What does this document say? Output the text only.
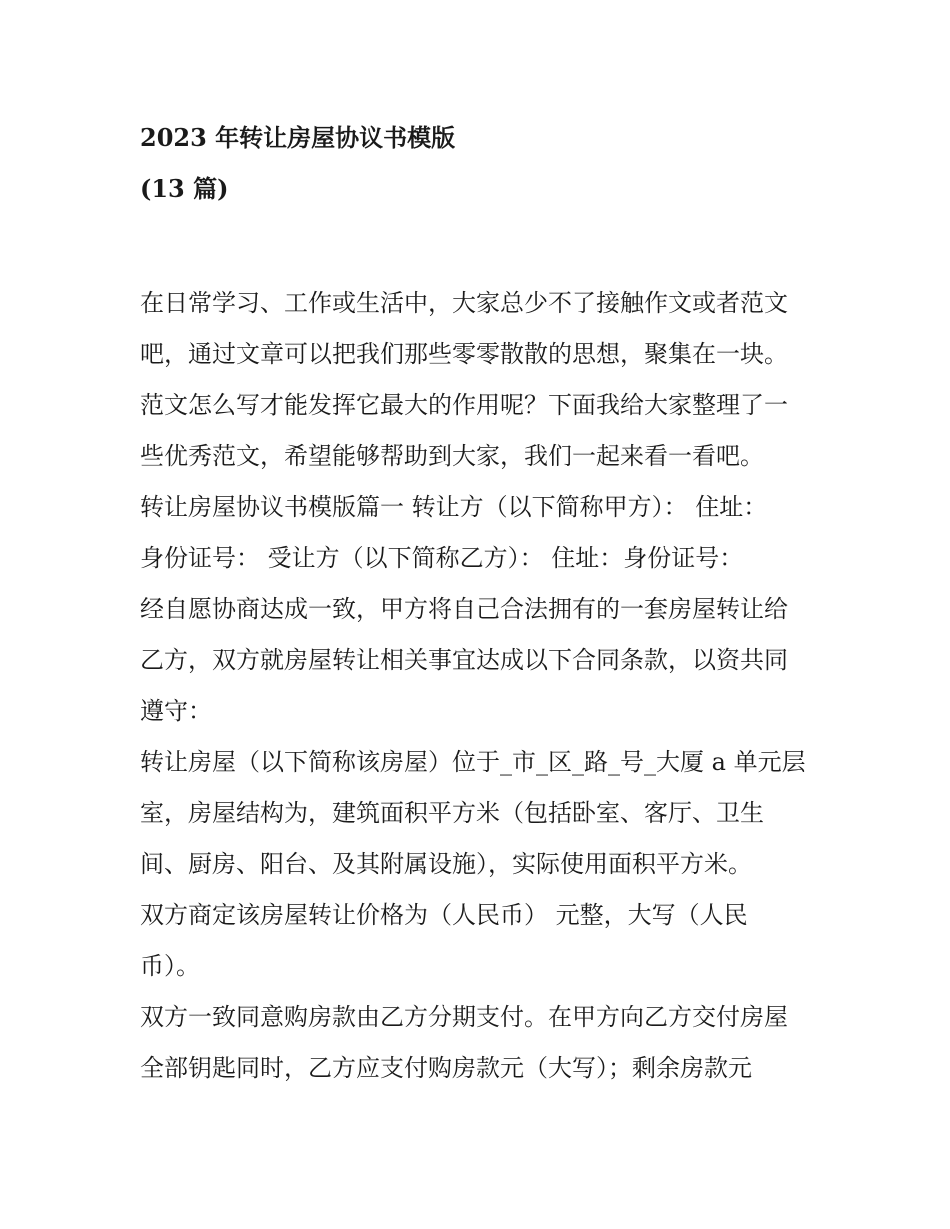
2023 年转让房屋协议书模版
(13 篇)
在日常学习、工作或生活中，大家总少不了接触作文或者范文
吧，通过文章可以把我们那些零零散散的思想，聚集在一块。
范文怎么写才能发挥它最大的作用呢？下面我给大家整理了一
些优秀范文，希望能够帮助到大家，我们一起来看一看吧。
转让房屋协议书模版篇一 转让方（以下简称甲方）： 住址：
身份证号： 受让方（以下简称乙方）： 住址：身份证号：
经自愿协商达成一致，甲方将自己合法拥有的一套房屋转让给
乙方，双方就房屋转让相关事宜达成以下合同条款，以资共同
遵守：
转让房屋（以下简称该房屋）位于_市_区_路_号_大厦 a 单元层
室，房屋结构为，建筑面积平方米（包括卧室、客厅、卫生
间、厨房、阳台、及其附属设施），实际使用面积平方米。
双方商定该房屋转让价格为（人民币） 元整，大写（人民
币）。
双方一致同意购房款由乙方分期支付。在甲方向乙方交付房屋
全部钥匙同时，乙方应支付购房款元（大写）；剩余房款元
